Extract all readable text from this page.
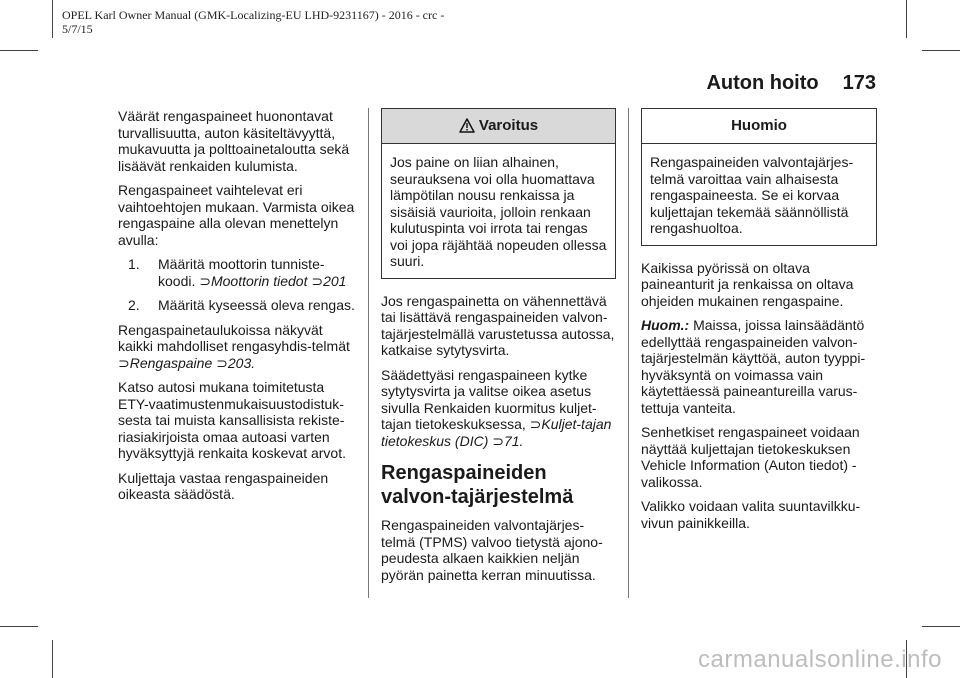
OPEL Karl Owner Manual (GMK-Localizing-EU LHD-9231167) - 2016 - crc -
5/7/15
Auton hoito 173

Väärät rengaspaineet huonontavat turvallisuutta, auton käsiteltävyyttä, mukavuutta ja polttoainetaloutta sekä lisäävät renkaiden kulumista.

Rengaspaineet vaihtelevat eri vaihtoehtojen mukaan. Varmista oikea rengaspaine alla olevan menettelyn avulla:

1. Määritä moottorin tunniste-koodi. ⊃Moottorin tiedot ⊃201
2. Määritä kyseessä oleva rengas.

Rengaspainetaulukoissa näkyvät kaikki mahdolliset rengasyhdis-telmät ⊃Rengaspaine ⊃203.

Katso autosi mukana toimitetusta ETY-vaatimustenmukaisuustodistuk-sesta tai muista kansallisista rekiste-riasiakirjoista omaa autoasi varten hyväksyttyjä renkaita koskevat arvot.

Kuljettaja vastaa rengaspaineiden oikeasta säädöstä.

Varoitus

Jos paine on liian alhainen, seurauksena voi olla huomattava lämpötilan nousu renkaissa ja sisäisiä vaurioita, jolloin renkaan kulutuspinta voi irrota tai rengas voi jopa räjähtää nopeuden ollessa suuri.

Jos rengaspainetta on vähennettävä tai lisättävä rengaspaineiden valvon-tajärjestelmällä varustetussa autossa, katkaise sytytysvirta.

Säädettyäsi rengaspaineen kytke sytytysvirta ja valitse oikea asetus sivulla Renkaiden kuormitus kuljet-tajan tietokeskuksessa, ⊃Kuljet-tajan tietokeskus (DIC) ⊃71.

Rengaspaineiden valvon-tajärjestelmä

Rengaspaineiden valvontajärjes-telmä (TPMS) valvoo tietystä ajono-peudesta alkaen kaikkien neljän pyörän painetta kerran minuutissa.

Huomio

Rengaspaineiden valvontajärjes-telmä varoittaa vain alhaisesta rengaspaineesta. Se ei korvaa kuljettajan tekemää säännöllistä rengashuoltoa.

Kaikissa pyörissä on oltava paineanturit ja renkaissa on oltava ohjeiden mukainen rengaspaine.

Huom.: Maissa, joissa lainsäädäntö edellyttää rengaspaineiden valvon-tajärjestelmän käyttöä, auton tyyppi-hyväksyntä on voimassa vain käytettäessä paineantureilla varus-tettuja vanteita.

Senhetkiset rengaspaineet voidaan näyttää kuljettajan tietokeskuksen Vehicle Information (Auton tiedot) -valikossa.

Valikko voidaan valita suuntavilkku-vivun painikkeilla.

carmanualsonline.info
